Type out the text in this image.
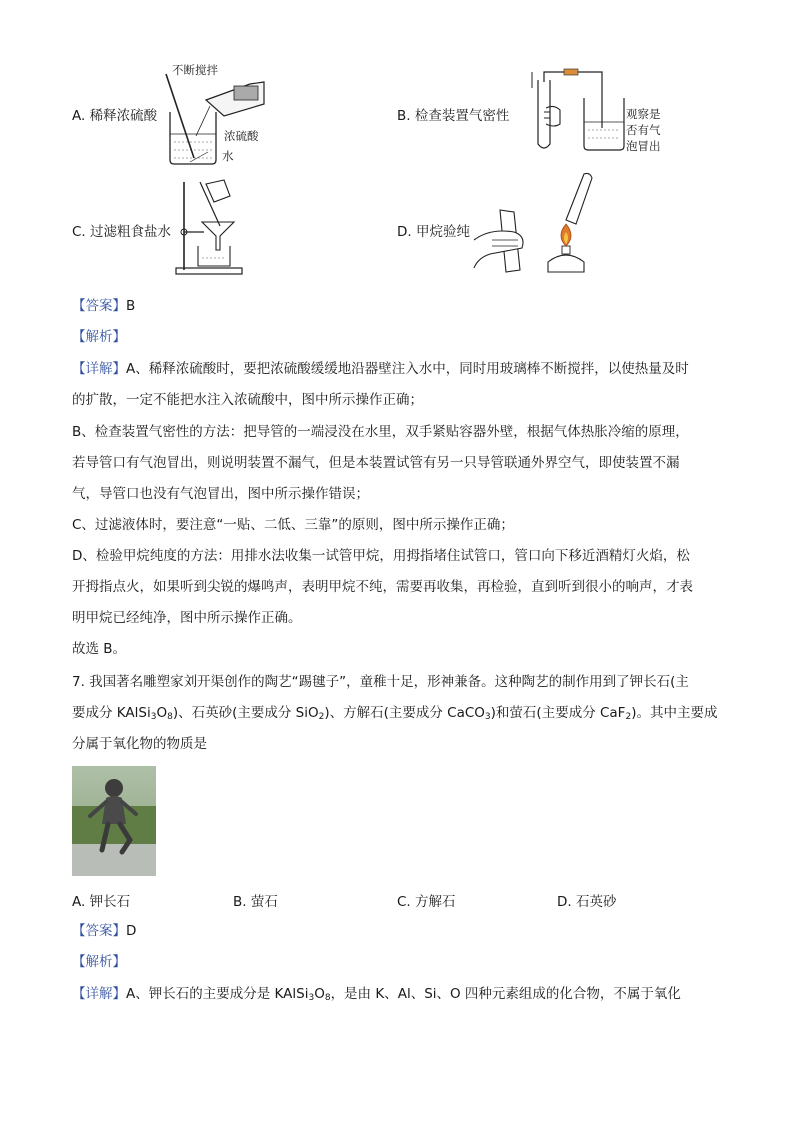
A. 稀释浓硫酸
不断搅拌
浓硫酸
水
B. 检查装置气密性	观察是
否有气
泡冒出
C. 过滤粗食盐水	D. 甲烷验纯
【答案】B
【解析】
【详解】A、稀释浓硫酸时，要把浓硫酸缓缓地沿器壁注入水中，同时用玻璃棒不断搅拌，以使热量及时
的扩散，一定不能把水注入浓硫酸中，图中所示操作正确；
B、检查装置气密性的方法：把导管的一端浸没在水里，双手紧贴容器外壁，根据气体热胀冷缩的原理，
若导管口有气泡冒出，则说明装置不漏气，但是本装置试管有另一只导管联通外界空气，即使装置不漏
气，导管口也没有气泡冒出，图中所示操作错误；
C、过滤液体时，要注意“一贴、二低、三靠”的原则，图中所示操作正确；
D、检验甲烷纯度的方法：用排水法收集一试管甲烷，用拇指堵住试管口，管口向下移近酒精灯火焰，松
开拇指点火，如果听到尖锐的爆鸣声，表明甲烷不纯，需要再收集，再检验，直到听到很小的响声，才表
明甲烷已经纯净，图中所示操作正确。
故选 B。
7. 我国著名雕塑家刘开渠创作的陶艺“踢毽子”，童稚十足，形神兼备。这种陶艺的制作用到了钾长石(主
要成分 $KAlSi_3O_8$)、石英砂(主要成分 SiO$_2$)、方解石(主要成分 CaCO$_3$)和萤石(主要成分 CaF$_2$)。其中主要成
分属于氧化物的物质是
A. 钾长石	B. 萤石	C. 方解石	D. 石英砂
【答案】D
【解析】
【详解】A、钾长石的主要成分是 $KAlSi_3O_8$，是由 K、Al、Si、O 四种元素组成的化合物，不属于氧化
